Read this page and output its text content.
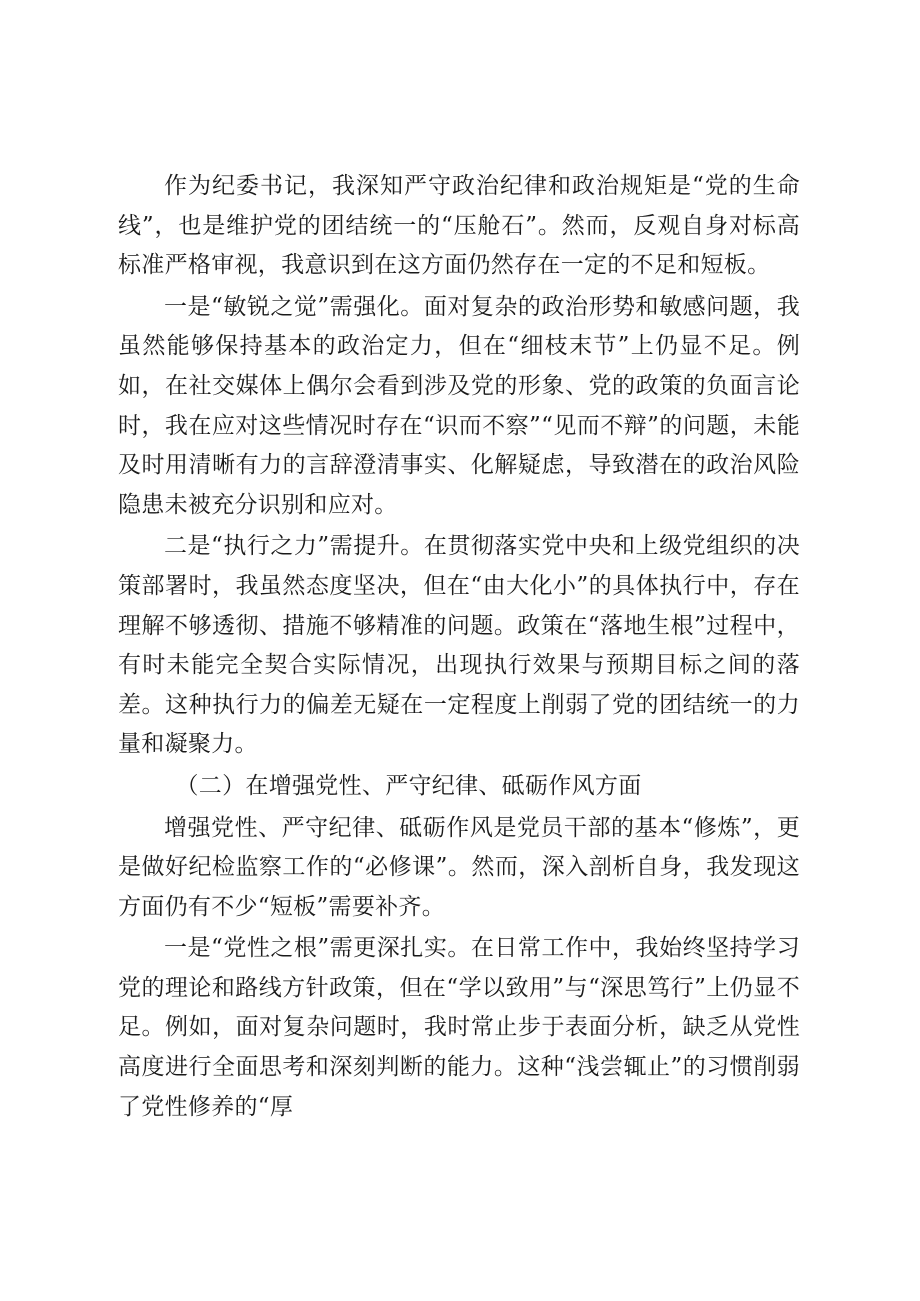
作为纪委书记，我深知严守政治纪律和政治规矩是“党的生命线”，也是维护党的团结统一的“压舱石”。然而，反观自身对标高标准严格审视，我意识到在这方面仍然存在一定的不足和短板。

一是“敏锐之觉”需强化。面对复杂的政治形势和敏感问题，我虽然能够保持基本的政治定力，但在“细枝末节”上仍显不足。例如，在社交媒体上偶尔会看到涉及党的形象、党的政策的负面言论时，我在应对这些情况时存在“识而不察”“见而不辩”的问题，未能及时用清晰有力的言辞澄清事实、化解疑虑，导致潜在的政治风险隐患未被充分识别和应对。

二是“执行之力”需提升。在贯彻落实党中央和上级党组织的决策部署时，我虽然态度坚决，但在“由大化小”的具体执行中，存在理解不够透彻、措施不够精准的问题。政策在“落地生根”过程中，有时未能完全契合实际情况，出现执行效果与预期目标之间的落差。这种执行力的偏差无疑在一定程度上削弱了党的团结统一的力量和凝聚力。

（二）在增强党性、严守纪律、砥砺作风方面

增强党性、严守纪律、砥砺作风是党员干部的基本“修炼”，更是做好纪检监察工作的“必修课”。然而，深入剖析自身，我发现这方面仍有不少“短板”需要补齐。

一是“党性之根”需更深扎实。在日常工作中，我始终坚持学习党的理论和路线方针政策，但在“学以致用”与“深思笃行”上仍显不足。例如，面对复杂问题时，我时常止步于表面分析，缺乏从党性高度进行全面思考和深刻判断的能力。这种“浅尝辄止”的习惯削弱了党性修养的“厚
